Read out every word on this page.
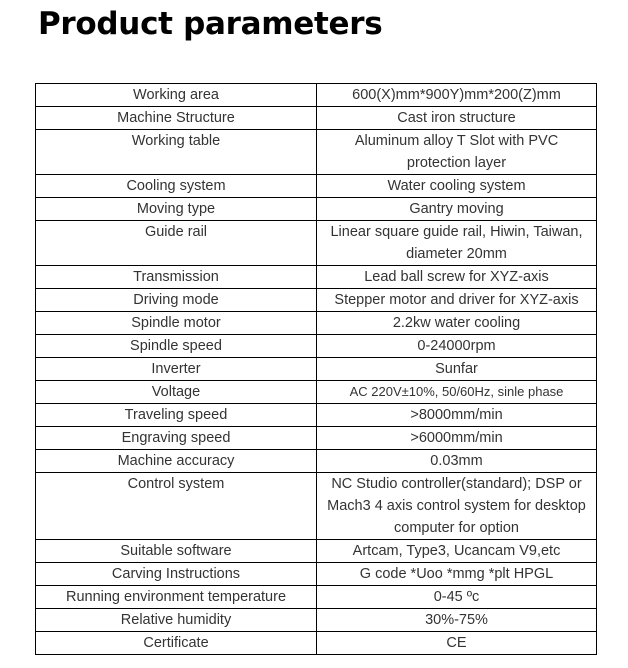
Product parameters
Working area	600(X)mm*900Y)mm*200(Z)mm
Machine Structure	Cast iron structure
Working table	Aluminum alloy T Slot with PVC protection layer
Cooling system	Water cooling system
Moving type	Gantry moving
Guide rail	Linear square guide rail, Hiwin, Taiwan, diameter 20mm
Transmission	Lead ball screw for XYZ-axis
Driving mode	Stepper motor and driver for XYZ-axis
Spindle motor	2.2kw water cooling
Spindle speed	0-24000rpm
Inverter	Sunfar
Voltage	AC 220V±10%, 50/60Hz, sinle phase
Traveling speed	>8000mm/min
Engraving speed	>6000mm/min
Machine accuracy	0.03mm
Control system	NC Studio controller(standard); DSP or Mach3 4 axis control system for desktop computer for option
Suitable software	Artcam, Type3, Ucancam V9,etc
Carving Instructions	G code *Uoo *mmg *plt HPGL
Running environment temperature	0-45 ºc
Relative humidity	30%-75%
Certificate	CE
